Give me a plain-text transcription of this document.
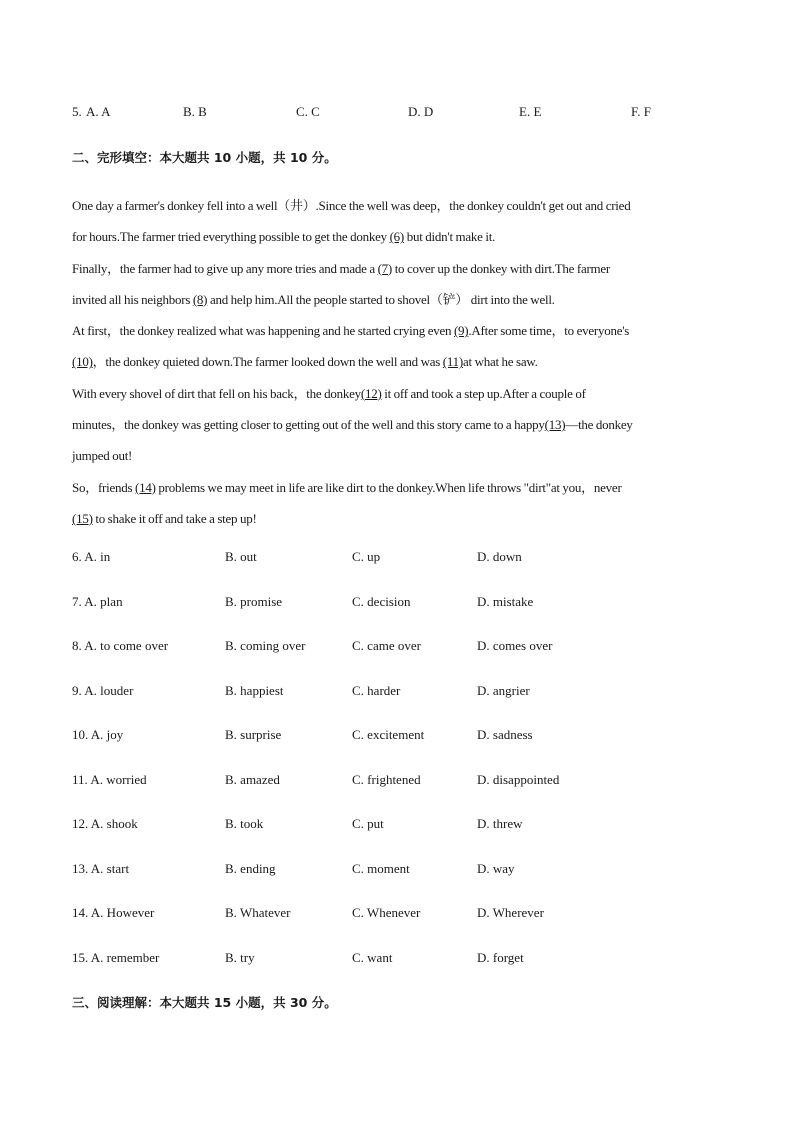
5. A. A	B. B	C. C	D. D	E. E	F. F
二、完形填空：本大题共 10 小题，共 10 分。
One day a farmer's donkey fell into a well（井）.Since the well was deep，the donkey couldn't get out and cried
for hours.The farmer tried everything possible to get the donkey (6) but didn't make it.
Finally，the farmer had to give up any more tries and made a (7) to cover up the donkey with dirt.The farmer
invited all his neighbors (8) and help him.All the people started to shovel（铲） dirt into the well.
At first，the donkey realized what was happening and he started crying even (9).After some time，to everyone's
(10)，the donkey quieted down.The farmer looked down the well and was (11)at what he saw.
With every shovel of dirt that fell on his back，the donkey(12) it off and took a step up.After a couple of
minutes，the donkey was getting closer to getting out of the well and this story came to a happy(13)—the donkey
jumped out!
So，friends (14) problems we may meet in life are like dirt to the donkey.When life throws "dirt"at you，never
(15) to shake it off and take a step up!
6. A. in	B. out	C. up	D. down
7. A. plan	B. promise	C. decision	D. mistake
8. A. to come over	B. coming over	C. came over	D. comes over
9. A. louder	B. happiest	C. harder	D. angrier
10. A. joy	B. surprise	C. excitement	D. sadness
11. A. worried	B. amazed	C. frightened	D. disappointed
12. A. shook	B. took	C. put	D. threw
13. A. start	B. ending	C. moment	D. way
14. A. However	B. Whatever	C. Whenever	D. Wherever
15. A. remember	B. try	C. want	D. forget
三、阅读理解：本大题共 15 小题，共 30 分。
